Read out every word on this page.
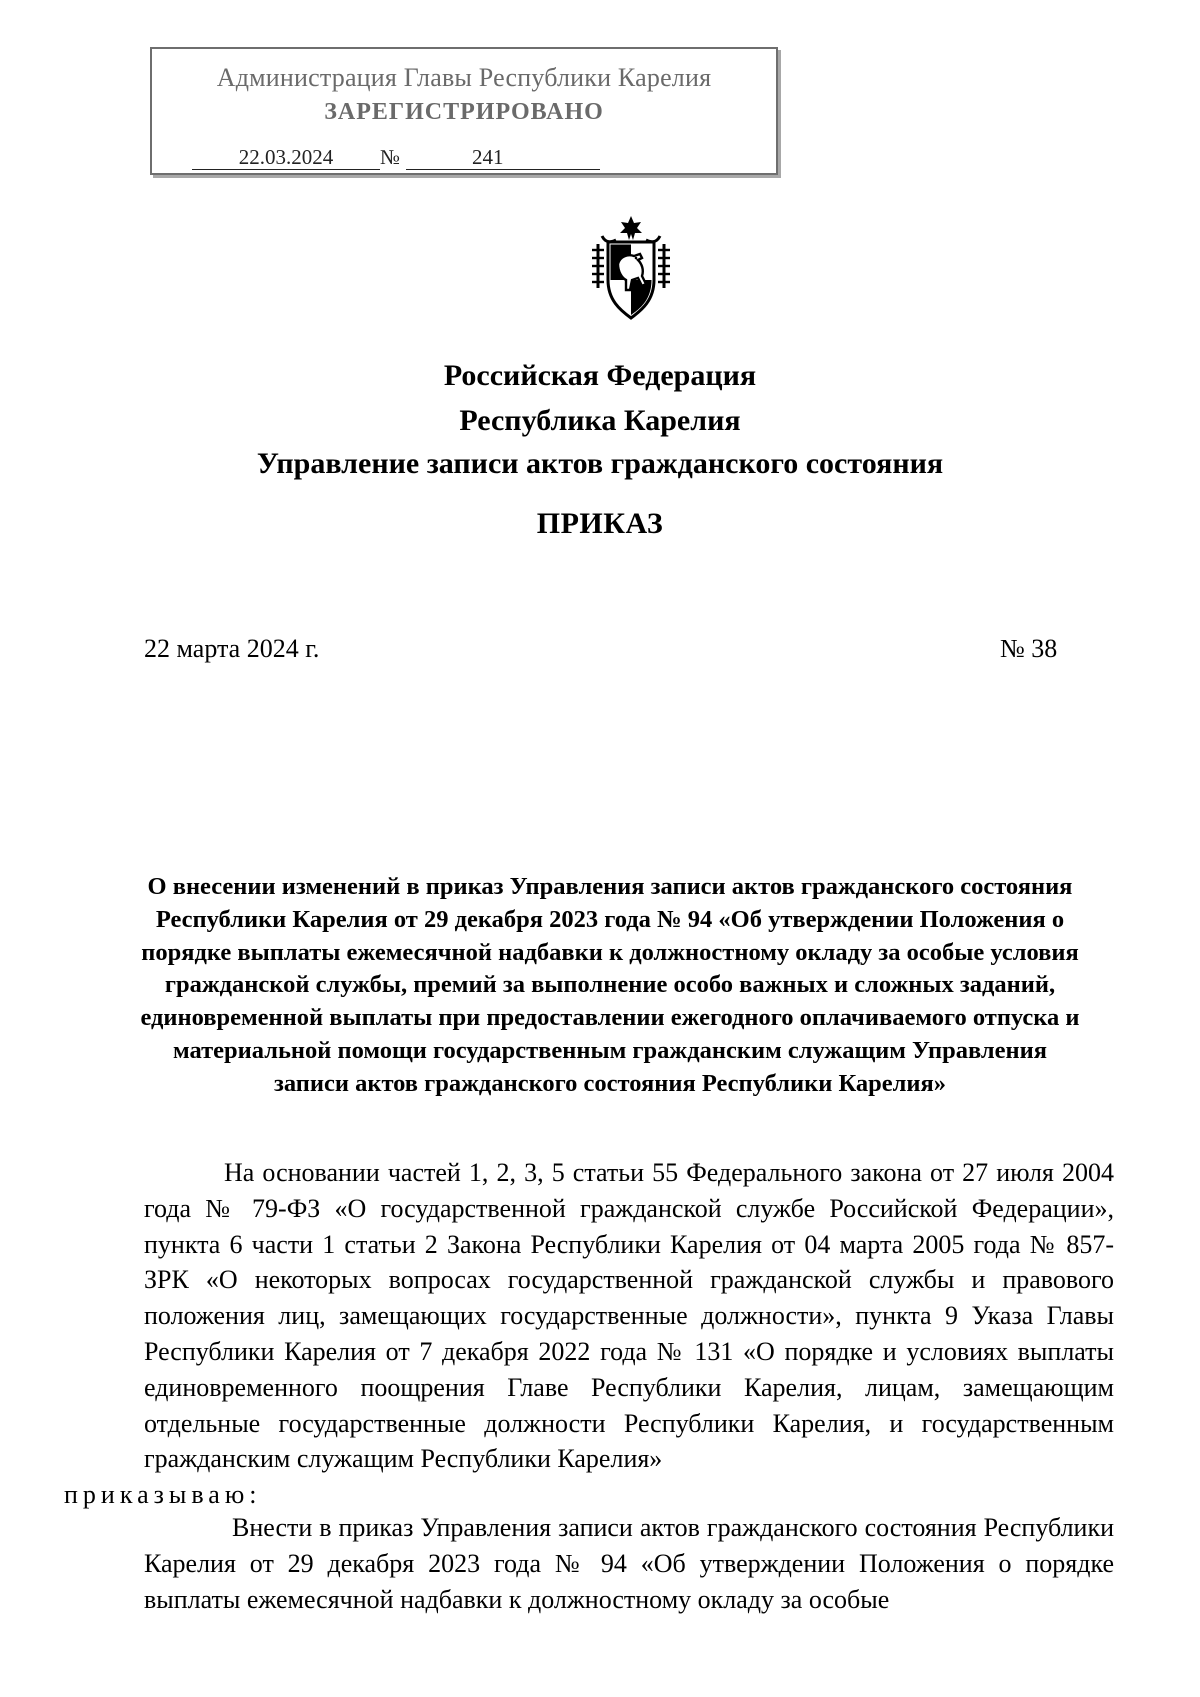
Администрация Главы Республики Карелия
ЗАРЕГИСТРИРОВАНО
22.03.2024	№	241
Российская Федерация
Республика Карелия
Управление записи актов гражданского состояния
ПРИКАЗ
22 марта 2024 г.	№ 38
О внесении изменений в приказ Управления записи актов гражданского состояния Республики Карелия от 29 декабря 2023 года № 94 «Об утверждении Положения о порядке выплаты ежемесячной надбавки к должностному окладу за особые условия гражданской службы, премий за выполнение особо важных и сложных заданий, единовременной выплаты при предоставлении ежегодного оплачиваемого отпуска и материальной помощи государственным гражданским служащим Управления записи актов гражданского состояния Республики Карелия»
На основании частей 1, 2, 3, 5 статьи 55 Федерального закона от 27 июля 2004 года № 79-ФЗ «О государственной гражданской службе Российской Федерации», пункта 6 части 1 статьи 2 Закона Республики Карелия от 04 марта 2005 года № 857-ЗРК «О некоторых вопросах государственной гражданской службы и правового положения лиц, замещающих государственные должности», пункта 9 Указа Главы Республики Карелия от 7 декабря 2022 года № 131 «О порядке и условиях выплаты единовременного поощрения Главе Республики Карелия, лицам, замещающим отдельные государственные должности Республики Карелия, и государственным гражданским служащим Республики Карелия»
приказываю:
Внести в приказ Управления записи актов гражданского состояния Республики Карелия от 29 декабря 2023 года № 94 «Об утверждении Положения о порядке выплаты ежемесячной надбавки к должностному окладу за особые
